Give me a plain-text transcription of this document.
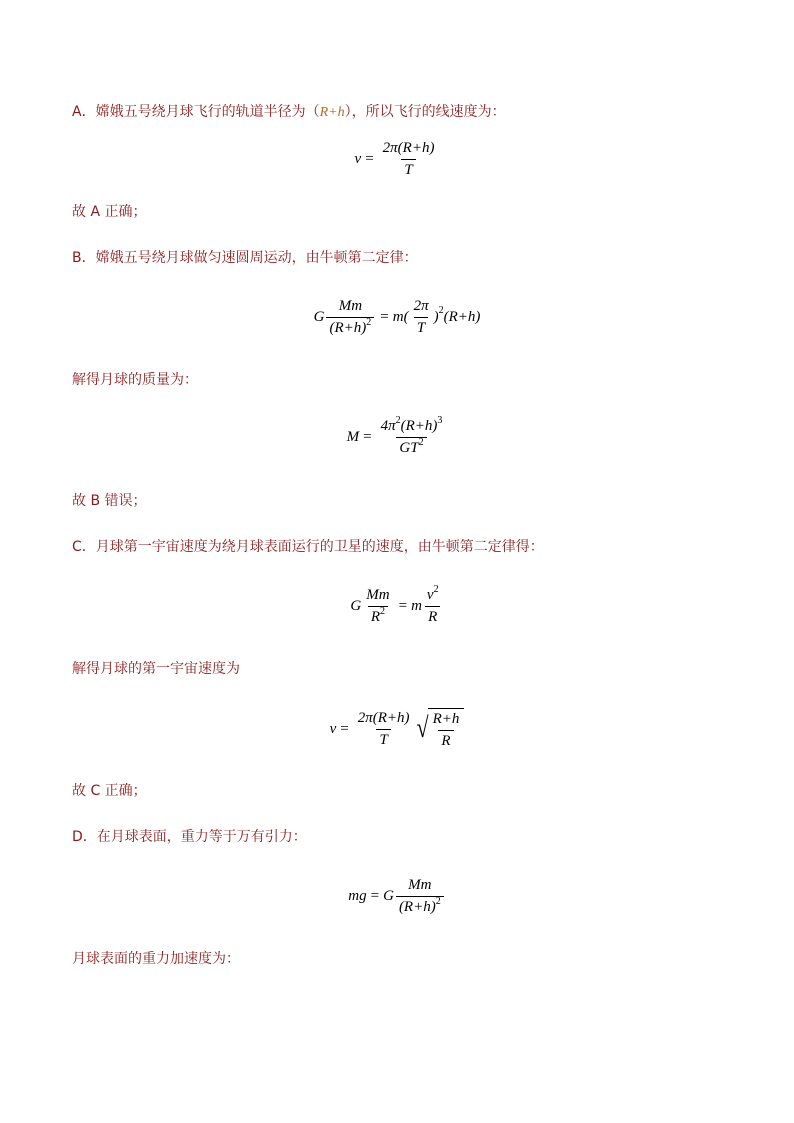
A．嫦娥五号绕月球飞行的轨道半径为（R+h），所以飞行的线速度为：
$v = \frac{2\pi(R+h)}{T}$
故 A 正确；
B．嫦娥五号绕月球做匀速圆周运动，由牛顿第二定律：
G $\frac{Mm}{(R+h)^2} = m( \frac{2\pi}{T}$ ) 2 (R+h)
解得月球的质量为：
$M = \frac{4\pi^2(R+h)^3}{GT^2}$
故 B 错误；
C．月球第一宇宙速度为绕月球表面运行的卫星的速度，由牛顿第二定律得：
G $\frac{Mm}{R^2} = m \frac{v^2}{R}$
解得月球的第一宇宙速度为
$v = \frac{2\pi(R+h)}{T}$ √ $\frac{R+h}{R}$
故 C 正确；
D．在月球表面，重力等于万有引力：
mg = G $\frac{Mm}{(R+h)^2}$
月球表面的重力加速度为：
